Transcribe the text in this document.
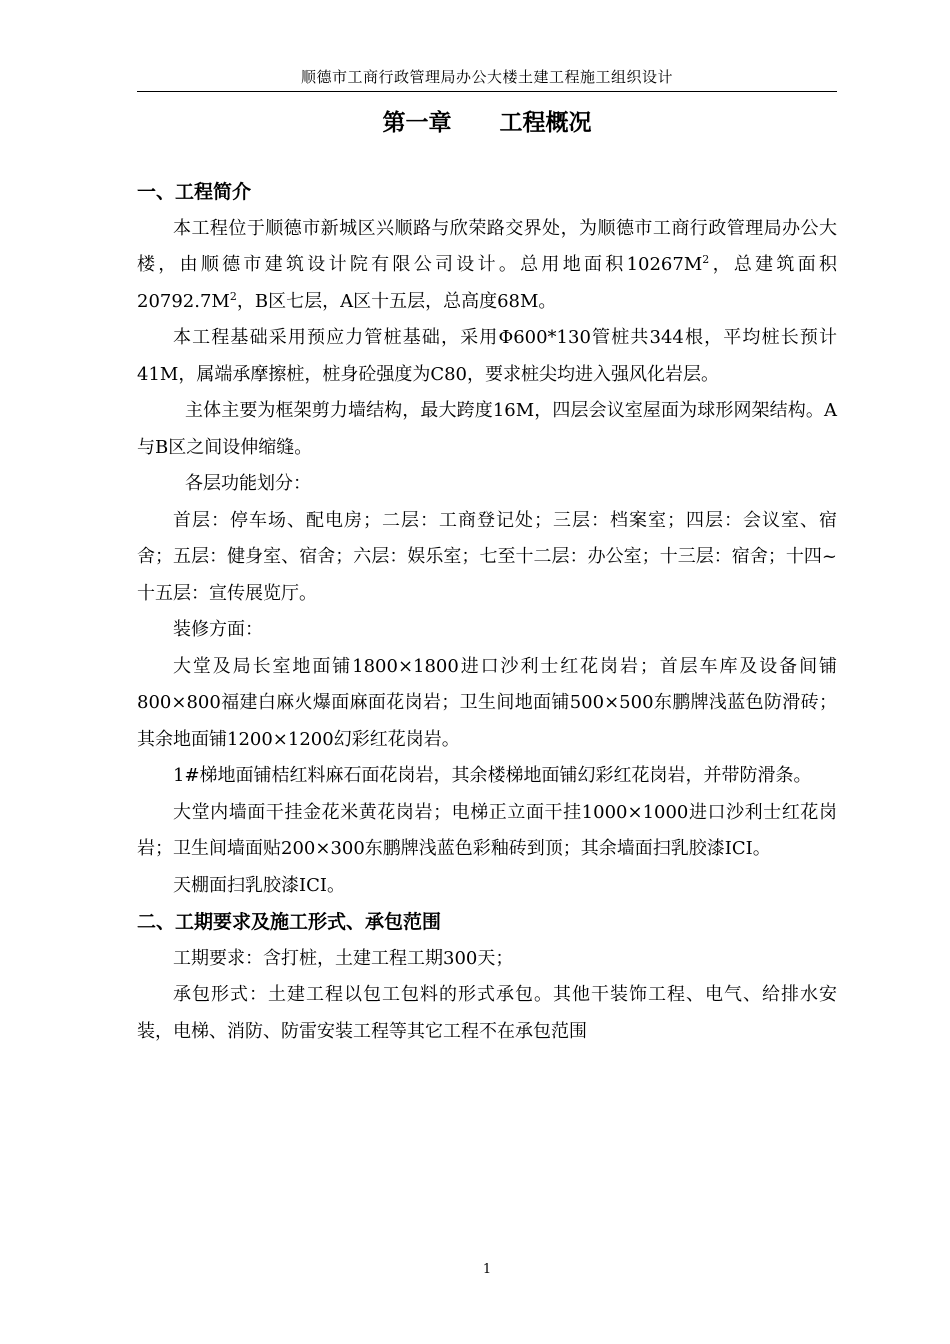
顺德市工商行政管理局办公大楼土建工程施工组织设计
第一章      工程概况
一、工程简介

本工程位于顺德市新城区兴顺路与欣荣路交界处，为顺德市工商行政管理局办公大楼，由顺德市建筑设计院有限公司设计。总用地面积$10267M^2$，总建筑面积$20792.7M^2$，B区七层，A区十五层，总高度68M。

本工程基础采用预应力管桩基础，采用Φ600*130管桩共344根，平均桩长预计41M，属端承摩擦桩，桩身砼强度为C80，要求桩尖均进入强风化岩层。

主体主要为框架剪力墙结构，最大跨度16M，四层会议室屋面为球形网架结构。A与B区之间设伸缩缝。

各层功能划分：

首层：停车场、配电房；二层：工商登记处；三层：档案室；四层：会议室、宿舍；五层：健身室、宿舍；六层：娱乐室；七至十二层：办公室；十三层：宿舍；十四~十五层：宣传展览厅。

装修方面：

大堂及局长室地面铺1800×1800进口沙利士红花岗岩；首层车库及设备间铺800×800福建白麻火爆面麻面花岗岩；卫生间地面铺500×500东鹏牌浅蓝色防滑砖；其余地面铺1200×1200幻彩红花岗岩。

1#梯地面铺桔红料麻石面花岗岩，其余楼梯地面铺幻彩红花岗岩，并带防滑条。

大堂内墙面干挂金花米黄花岗岩；电梯正立面干挂1000×1000进口沙利士红花岗岩；卫生间墙面贴200×300东鹏牌浅蓝色彩釉砖到顶；其余墙面扫乳胶漆ICI。

天棚面扫乳胶漆ICI。

二、工期要求及施工形式、承包范围

工期要求：含打桩，土建工程工期300天；

承包形式：土建工程以包工包料的形式承包。其他干装饰工程、电气、给排水安装，电梯、消防、防雷安装工程等其它工程不在承包范围

1
